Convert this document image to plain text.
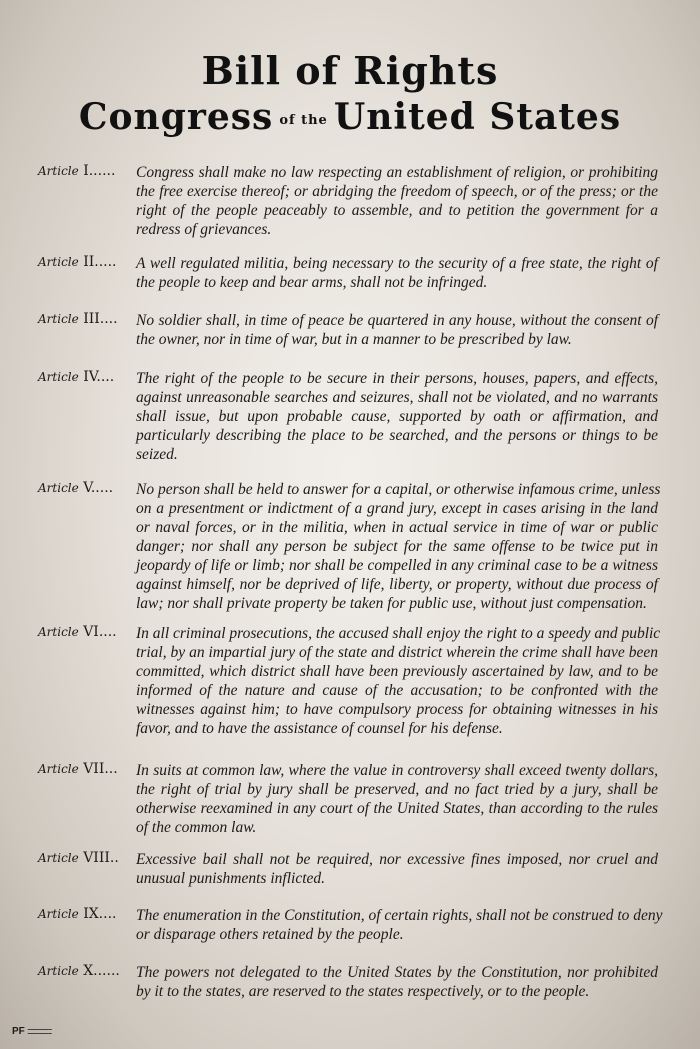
Bill of Rights
Congress of the United States
Article I......	Congress shall make no law respecting an establishment of religion, or prohibiting
the free exercise thereof; or abridging the freedom of speech, or of the press; or the
right of the people peaceably to assemble, and to petition the government for a
redress of grievances.
Article II.....	A well regulated militia, being necessary to the security of a free state, the right of
the people to keep and bear arms, shall not be infringed.
Article III....	No soldier shall, in time of peace be quartered in any house, without the consent of
the owner, nor in time of war, but in a manner to be prescribed by law.
Article IV....	The right of the people to be secure in their persons, houses, papers, and effects,
against unreasonable searches and seizures, shall not be violated, and no warrants
shall issue, but upon probable cause, supported by oath or affirmation, and
particularly describing the place to be searched, and the persons or things to be
seized.
Article V.....	No person shall be held to answer for a capital, or otherwise infamous crime, unless
on a presentment or indictment of a grand jury, except in cases arising in the land
or naval forces, or in the militia, when in actual service in time of war or public
danger; nor shall any person be subject for the same offense to be twice put in
jeopardy of life or limb; nor shall be compelled in any criminal case to be a witness
against himself, nor be deprived of life, liberty, or property, without due process of
law; nor shall private property be taken for public use, without just compensation.
Article VI....	In all criminal prosecutions, the accused shall enjoy the right to a speedy and public
trial, by an impartial jury of the state and district wherein the crime shall have been
committed, which district shall have been previously ascertained by law, and to be
informed of the nature and cause of the accusation; to be confronted with the
witnesses against him; to have compulsory process for obtaining witnesses in his
favor, and to have the assistance of counsel for his defense.
Article VII...	In suits at common law, where the value in controversy shall exceed twenty dollars,
the right of trial by jury shall be preserved, and no fact tried by a jury, shall be
otherwise reexamined in any court of the United States, than according to the rules
of the common law.
Article VIII..	Excessive bail shall not be required, nor excessive fines imposed, nor cruel and
unusual punishments inflicted.
Article IX....	The enumeration in the Constitution, of certain rights, shall not be construed to deny
or disparage others retained by the people.
Article X......	The powers not delegated to the United States by the Constitution, nor prohibited
by it to the states, are reserved to the states respectively, or to the people.
PF ▬▬▬▬▬▬▬▬
▬▬▬▬▬▬▬▬
